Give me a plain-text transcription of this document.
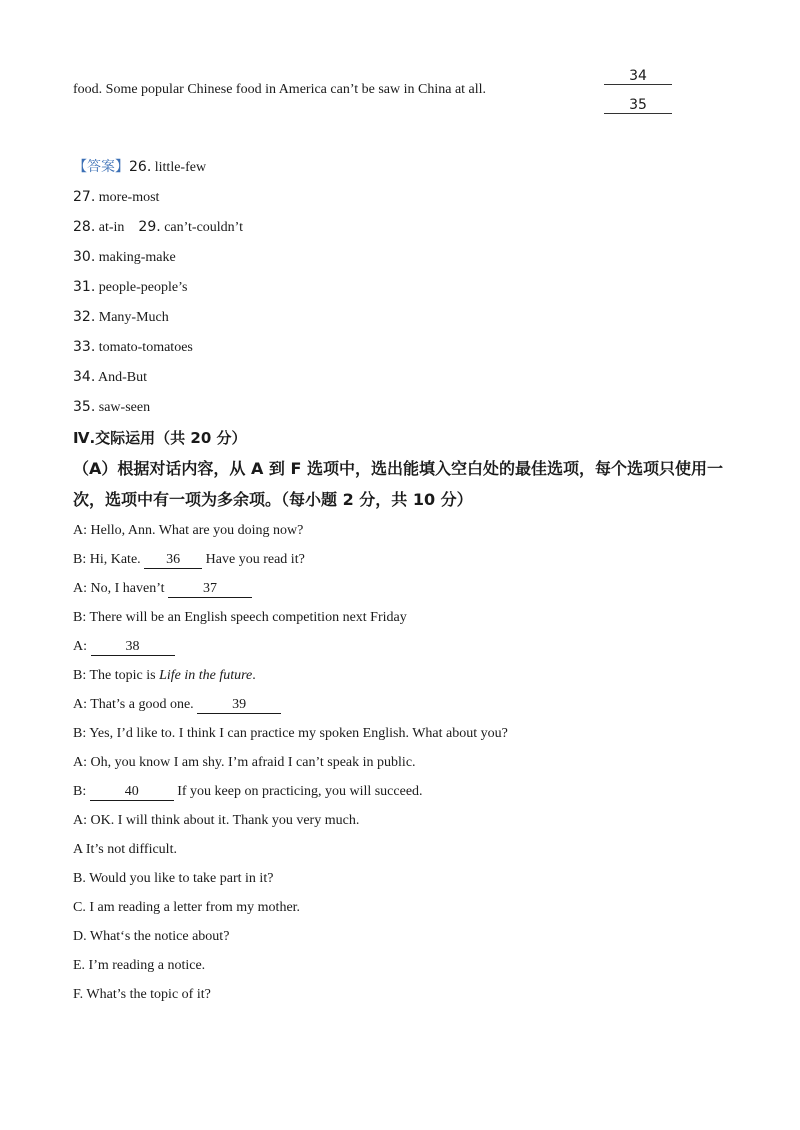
food. Some popular Chinese food in America can’t be saw in China at all.
34
35
【答案】26. little-few
27. more-most
28. at-in 29. can’t-couldn’t
30. making-make
31. people-people’s
32. Many-Much
33. tomato-tomatoes
34. And-But
35. saw-seen
Ⅳ.交际运用（共 20 分）
（A）根据对话内容，从 A 到 F 选项中，选出能填入空白处的最佳选项，每个选项只使用一
次，选项中有一项为多余项。（每小题 2 分，共 10 分）
A: Hello, Ann. What are you doing now?
B: Hi, Kate. 36 Have you read it?
A: No, I haven’t	37
B: There will be an English speech competition next Friday
A:	38
B: The topic is Life in the future.
A: That’s a good one.	39
B: Yes, I’d like to. I think I can practice my spoken English. What about you?
A: Oh, you know I am shy. I’m afraid I can’t speak in public.
B:	40	If you keep on practicing, you will succeed.
A: OK. I will think about it. Thank you very much.
A It’s not difficult.
B. Would you like to take part in it?
C. I am reading a letter from my mother.
D. What‘s the notice about?
E. I’m reading a notice.
F. What’s the topic of it?
